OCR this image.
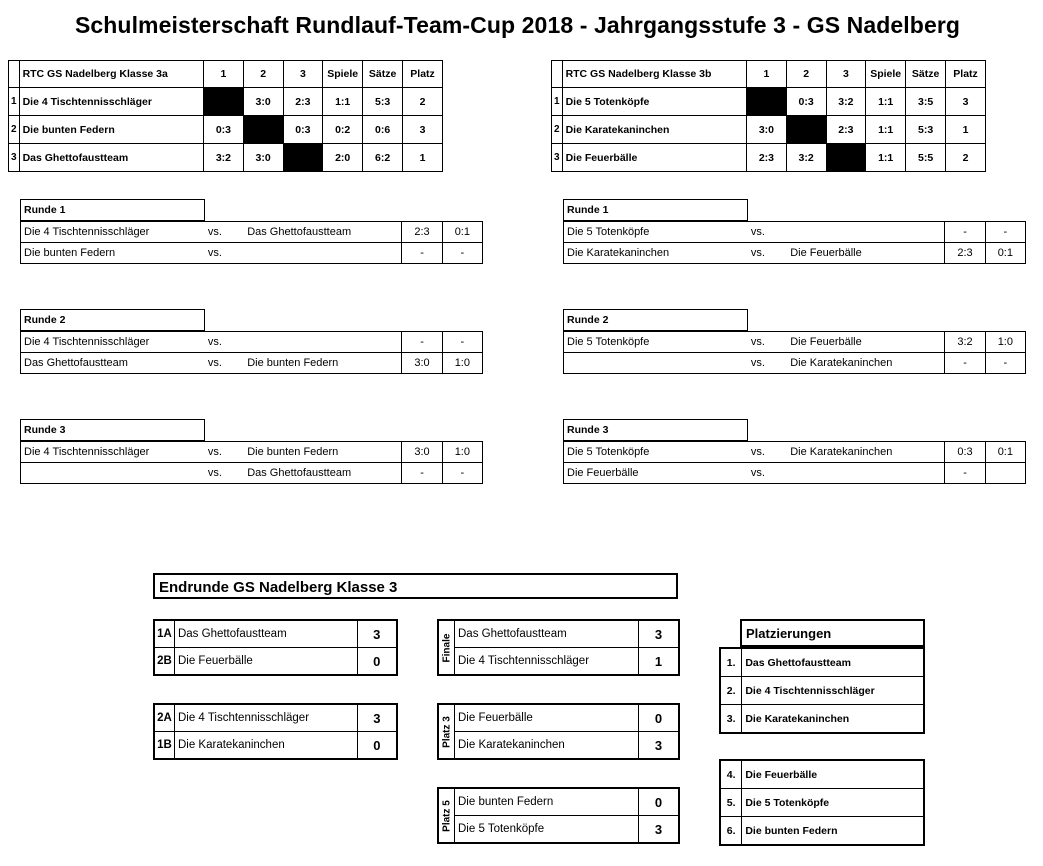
Schulmeisterschaft Rundlauf-Team-Cup 2018 - Jahrgangsstufe 3 - GS Nadelberg
	RTC GS Nadelberg Klasse 3a	1	2	3	Spiele	Sätze	Platz
1	Die 4 Tischtennisschläger		3:0	2:3	1:1	5:3	2
2	Die bunten Federn	0:3		0:3	0:2	0:6	3
3	Das Ghettofaustteam	3:2	3:0		2:0	6:2	1
	RTC GS Nadelberg Klasse 3b	1	2	3	Spiele	Sätze	Platz
1	Die 5 Totenköpfe		0:3	3:2	1:1	3:5	3
2	Die Karatekaninchen	3:0		2:3	1:1	5:3	1
3	Die Feuerbälle	2:3	3:2		1:1	5:5	2
Runde 1				
Die 4 Tischtennisschläger	vs.	Das Ghettofaustteam	2:3	0:1
Die bunten Federn	vs.		-	-
Runde 2				
Die 4 Tischtennisschläger	vs.		-	-
Das Ghettofaustteam	vs.	Die bunten Federn	3:0	1:0
Runde 3				
Die 4 Tischtennisschläger	vs.	Die bunten Federn	3:0	1:0
	vs.	Das Ghettofaustteam	-	-
Runde 1				
Die 5 Totenköpfe	vs.		-	-
Die Karatekaninchen	vs.	Die Feuerbälle	2:3	0:1
Runde 2				
Die 5 Totenköpfe	vs.	Die Feuerbälle	3:2	1:0
	vs.	Die Karatekaninchen	-	-
Runde 3				
Die 5 Totenköpfe	vs.	Die Karatekaninchen	0:3	0:1
Die Feuerbälle	vs.		-	
Endrunde GS Nadelberg Klasse 3
1A	Das Ghettofaustteam	3
2B	Die Feuerbälle	0
2A	Die 4 Tischtennisschläger	3
1B	Die Karatekaninchen	0
Finale	Das Ghettofaustteam	3
	Die 4 Tischtennisschläger	1
Platz 3	Die Feuerbälle	0
	Die Karatekaninchen	3
Platz 5	Die bunten Federn	0
	Die 5 Totenköpfe	3
Platzierungen
1.	Das Ghettofaustteam
2.	Die 4 Tischtennisschläger
3.	Die Karatekaninchen
4.	Die Feuerbälle
5.	Die 5 Totenköpfe
6.	Die bunten Federn
